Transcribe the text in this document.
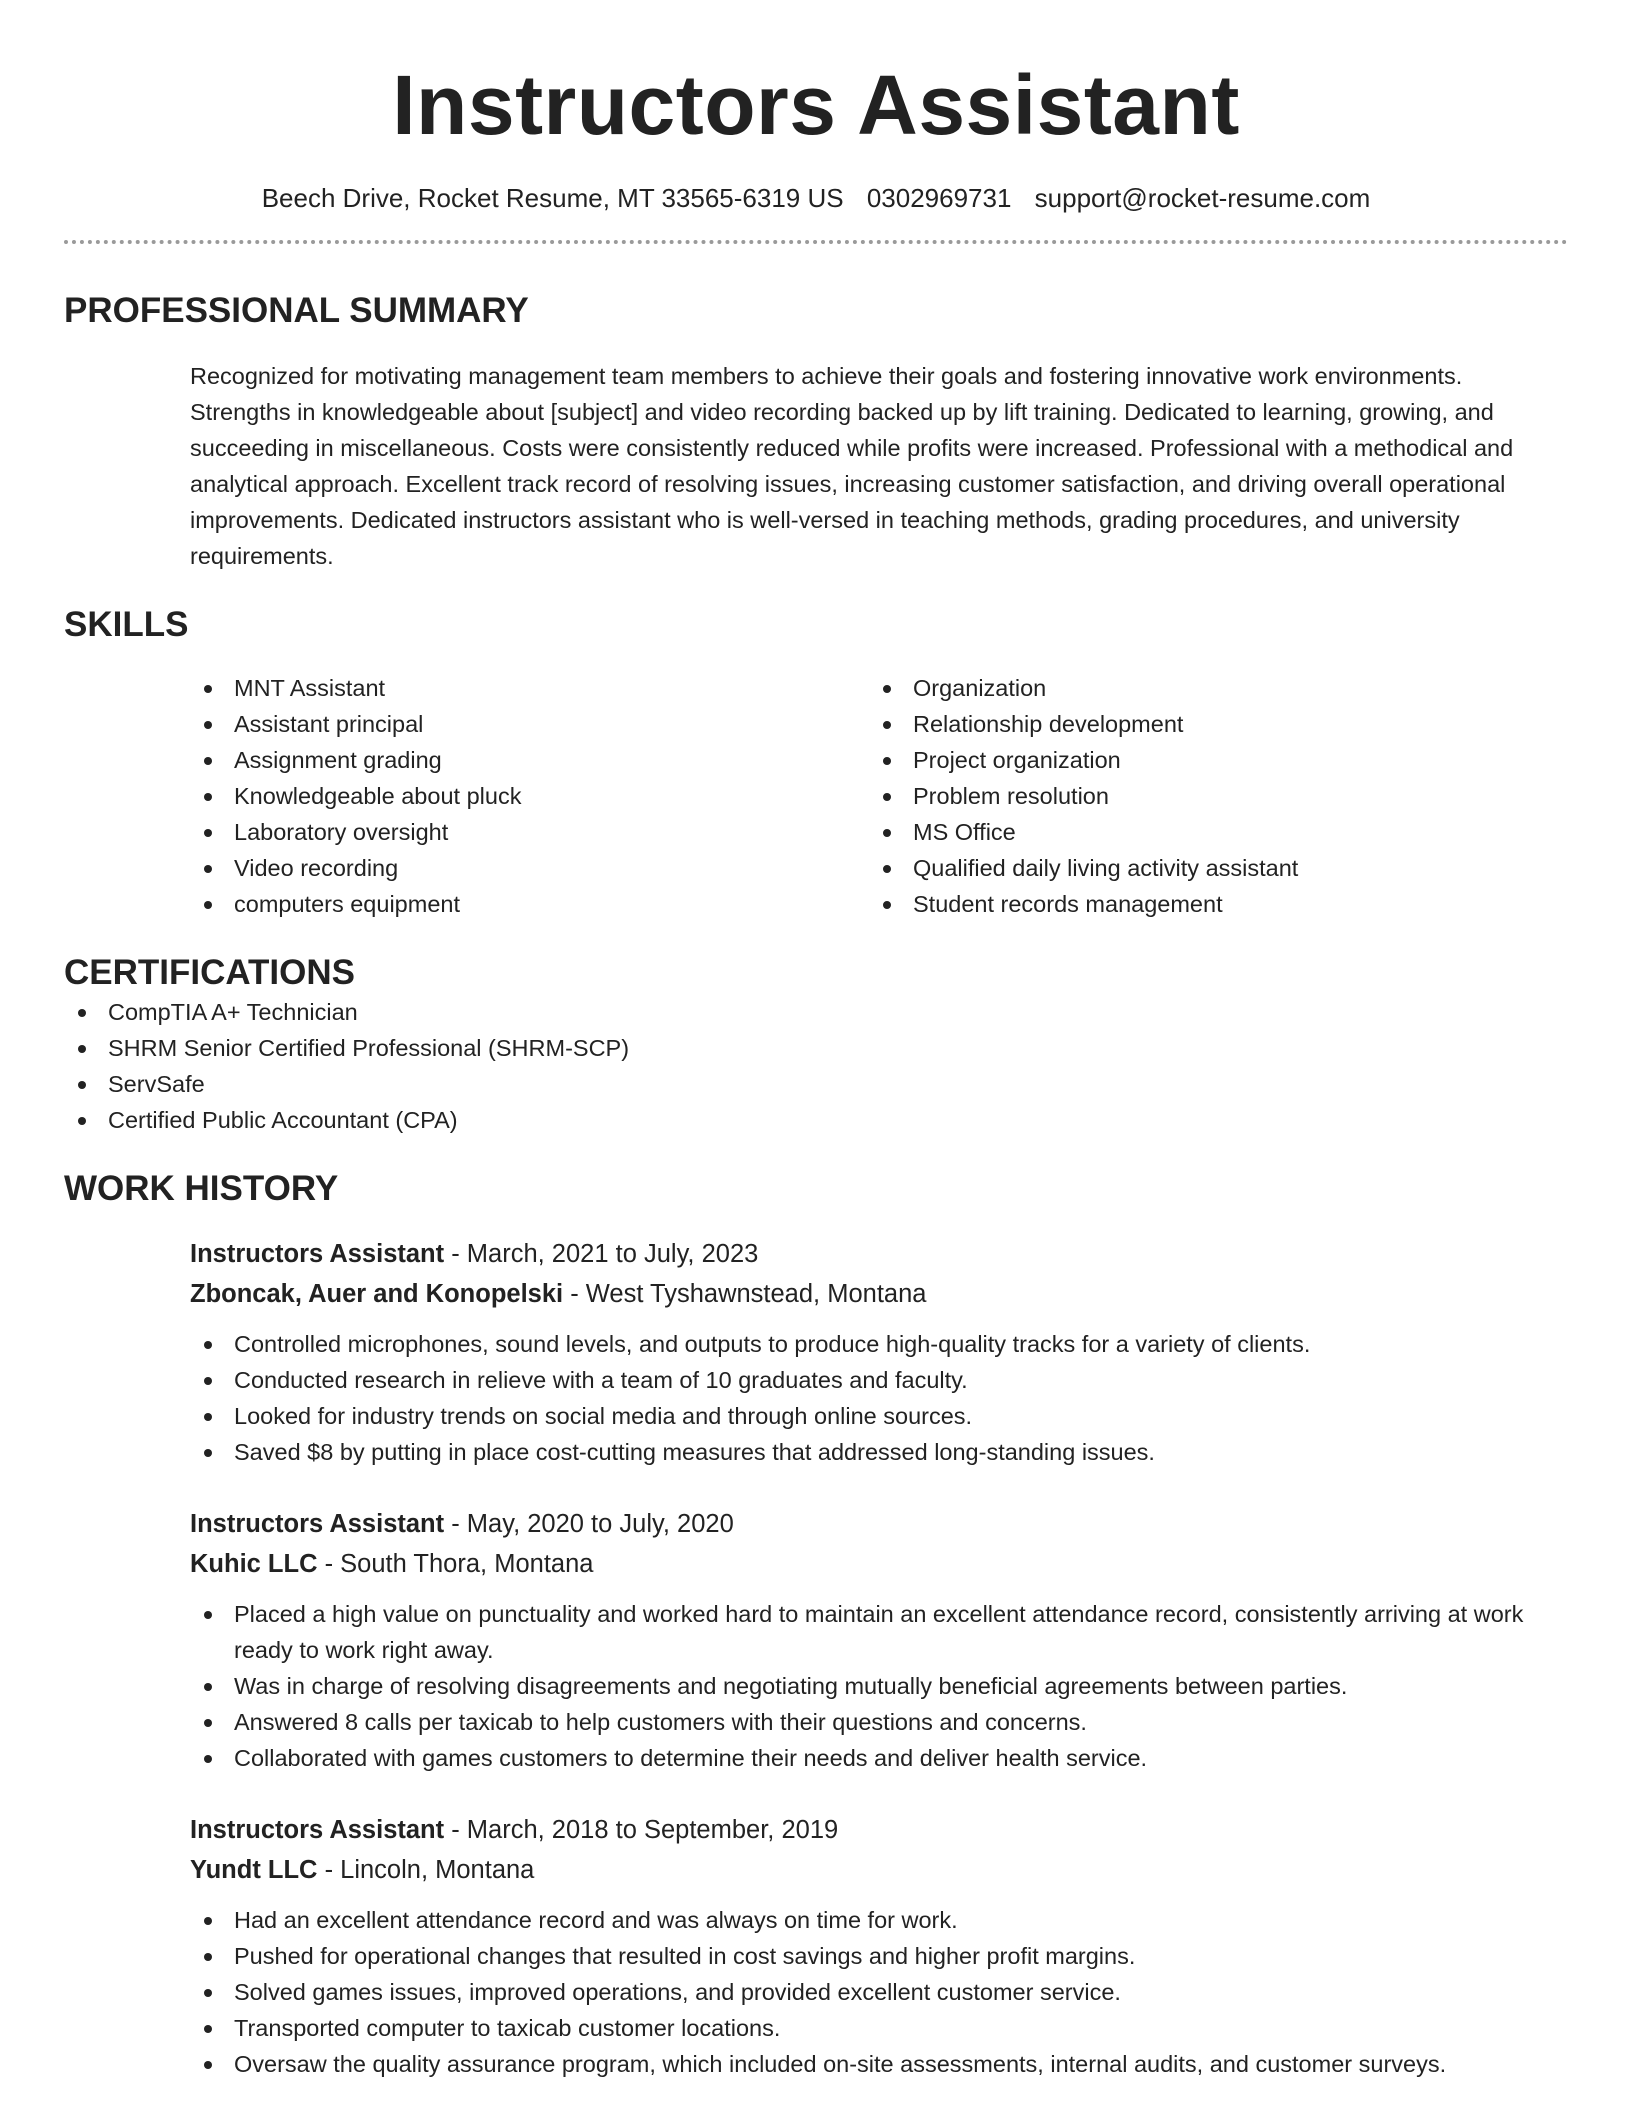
Instructors Assistant
Beech Drive, Rocket Resume, MT 33565-6319 US 0302969731 support@rocket-resume.com
PROFESSIONAL SUMMARY

Recognized for motivating management team members to achieve their goals and fostering innovative work environments. Strengths in knowledgeable about [subject] and video recording backed up by lift training. Dedicated to learning, growing, and succeeding in miscellaneous. Costs were consistently reduced while profits were increased. Professional with a methodical and analytical approach. Excellent track record of resolving issues, increasing customer satisfaction, and driving overall operational improvements. Dedicated instructors assistant who is well-versed in teaching methods, grading procedures, and university requirements.

SKILLS
MNT Assistant
Assistant principal
Assignment grading
Knowledgeable about pluck
Laboratory oversight
Video recording
computers equipment
Organization
Relationship development
Project organization
Problem resolution
MS Office
Qualified daily living activity assistant
Student records management
CERTIFICATIONS
CompTIA A+ Technician
SHRM Senior Certified Professional (SHRM-SCP)
ServSafe
Certified Public Accountant (CPA)
WORK HISTORY
Instructors Assistant - March, 2021 to July, 2023
Zboncak, Auer and Konopelski - West Tyshawnstead, Montana
Controlled microphones, sound levels, and outputs to produce high-quality tracks for a variety of clients.
Conducted research in relieve with a team of 10 graduates and faculty.
Looked for industry trends on social media and through online sources.
Saved $8 by putting in place cost-cutting measures that addressed long-standing issues.
Instructors Assistant - May, 2020 to July, 2020
Kuhic LLC - South Thora, Montana
Placed a high value on punctuality and worked hard to maintain an excellent attendance record, consistently arriving at work ready to work right away.
Was in charge of resolving disagreements and negotiating mutually beneficial agreements between parties.
Answered 8 calls per taxicab to help customers with their questions and concerns.
Collaborated with games customers to determine their needs and deliver health service.
Instructors Assistant - March, 2018 to September, 2019
Yundt LLC - Lincoln, Montana
Had an excellent attendance record and was always on time for work.
Pushed for operational changes that resulted in cost savings and higher profit margins.
Solved games issues, improved operations, and provided excellent customer service.
Transported computer to taxicab customer locations.
Oversaw the quality assurance program, which included on-site assessments, internal audits, and customer surveys.
